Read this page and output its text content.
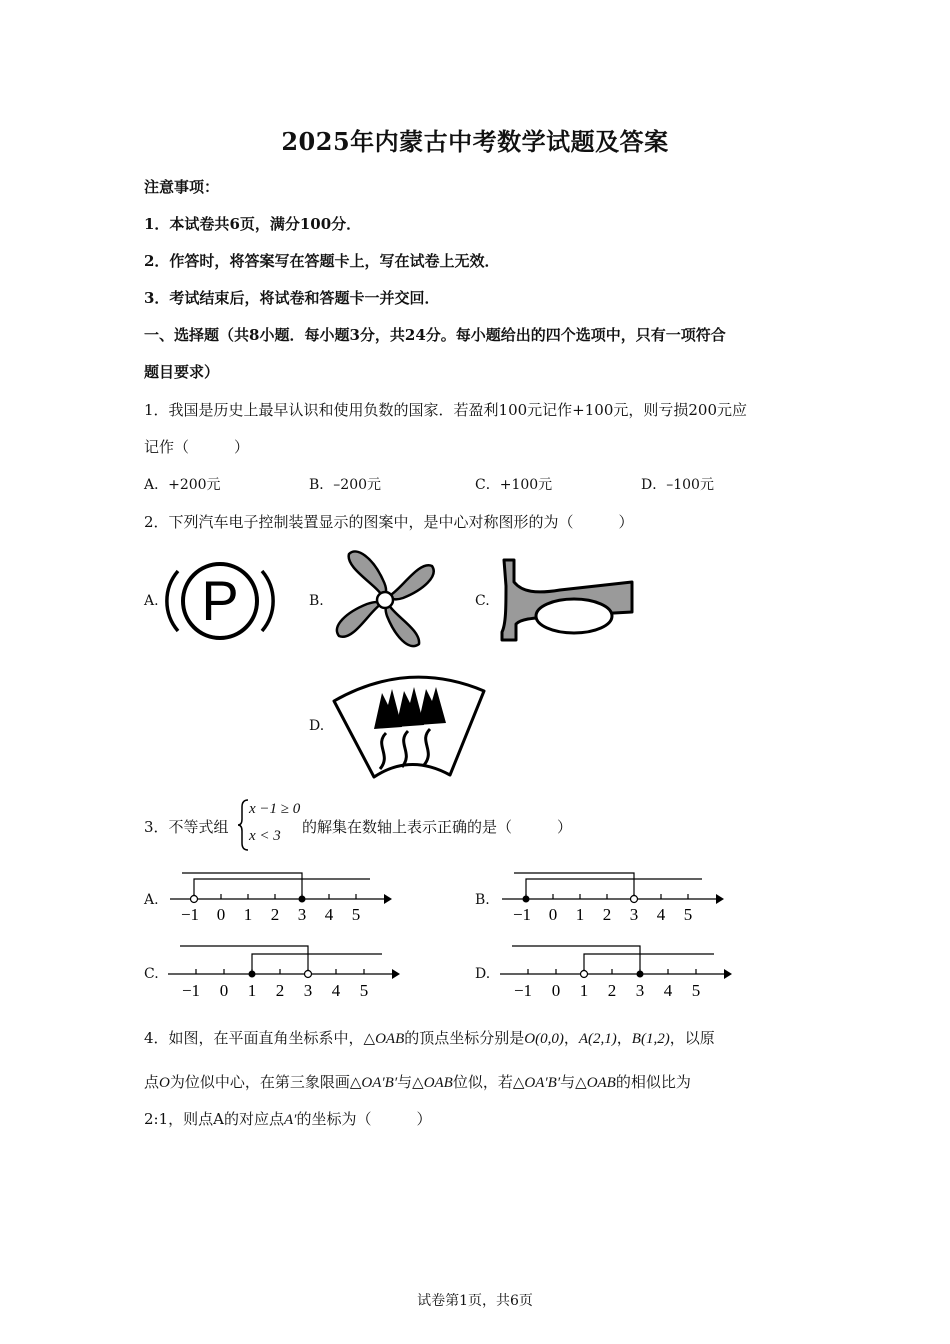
2025年内蒙古中考数学试题及答案
注意事项：
1．本试卷共6页，满分100分．
2．作答时，将答案写在答题卡上，写在试卷上无效．
3．考试结束后，将试卷和答题卡一并交回．
一、选择题（共8小题．每小题3分，共24分。每小题给出的四个选项中，只有一项符合
题目要求）
1．我国是历史上最早认识和使用负数的国家．若盈利100元记作+100元，则亏损200元应
记作（　　　）
A．+200元	B．–200元	C．+100元	D．–100元
2．下列汽车电子控制装置显示的图案中，是中心对称图形的为（　　　）
A.	B.	C.
D.
P
3．不等式组
x −1 ≥ 0
x < 3 的解集在数轴上表示正确的是（　　　）
A.	B.
C.	D.
−1 0 1 2 3 4 5	−1 0 1 2 3 4 5
−1 0 1 2 3 4 5	−1 0 1 2 3 4 5
4．如图，在平面直角坐标系中，△OAB的顶点坐标分别是O(0,0)，A(2,1)，B(1,2)，以原
点O为位似中心，在第三象限画△OA′B′与△OAB位似，若△OA′B′与△OAB的相似比为
2:1，则点A的对应点A′的坐标为（　　　）
试卷第1页，共6页
